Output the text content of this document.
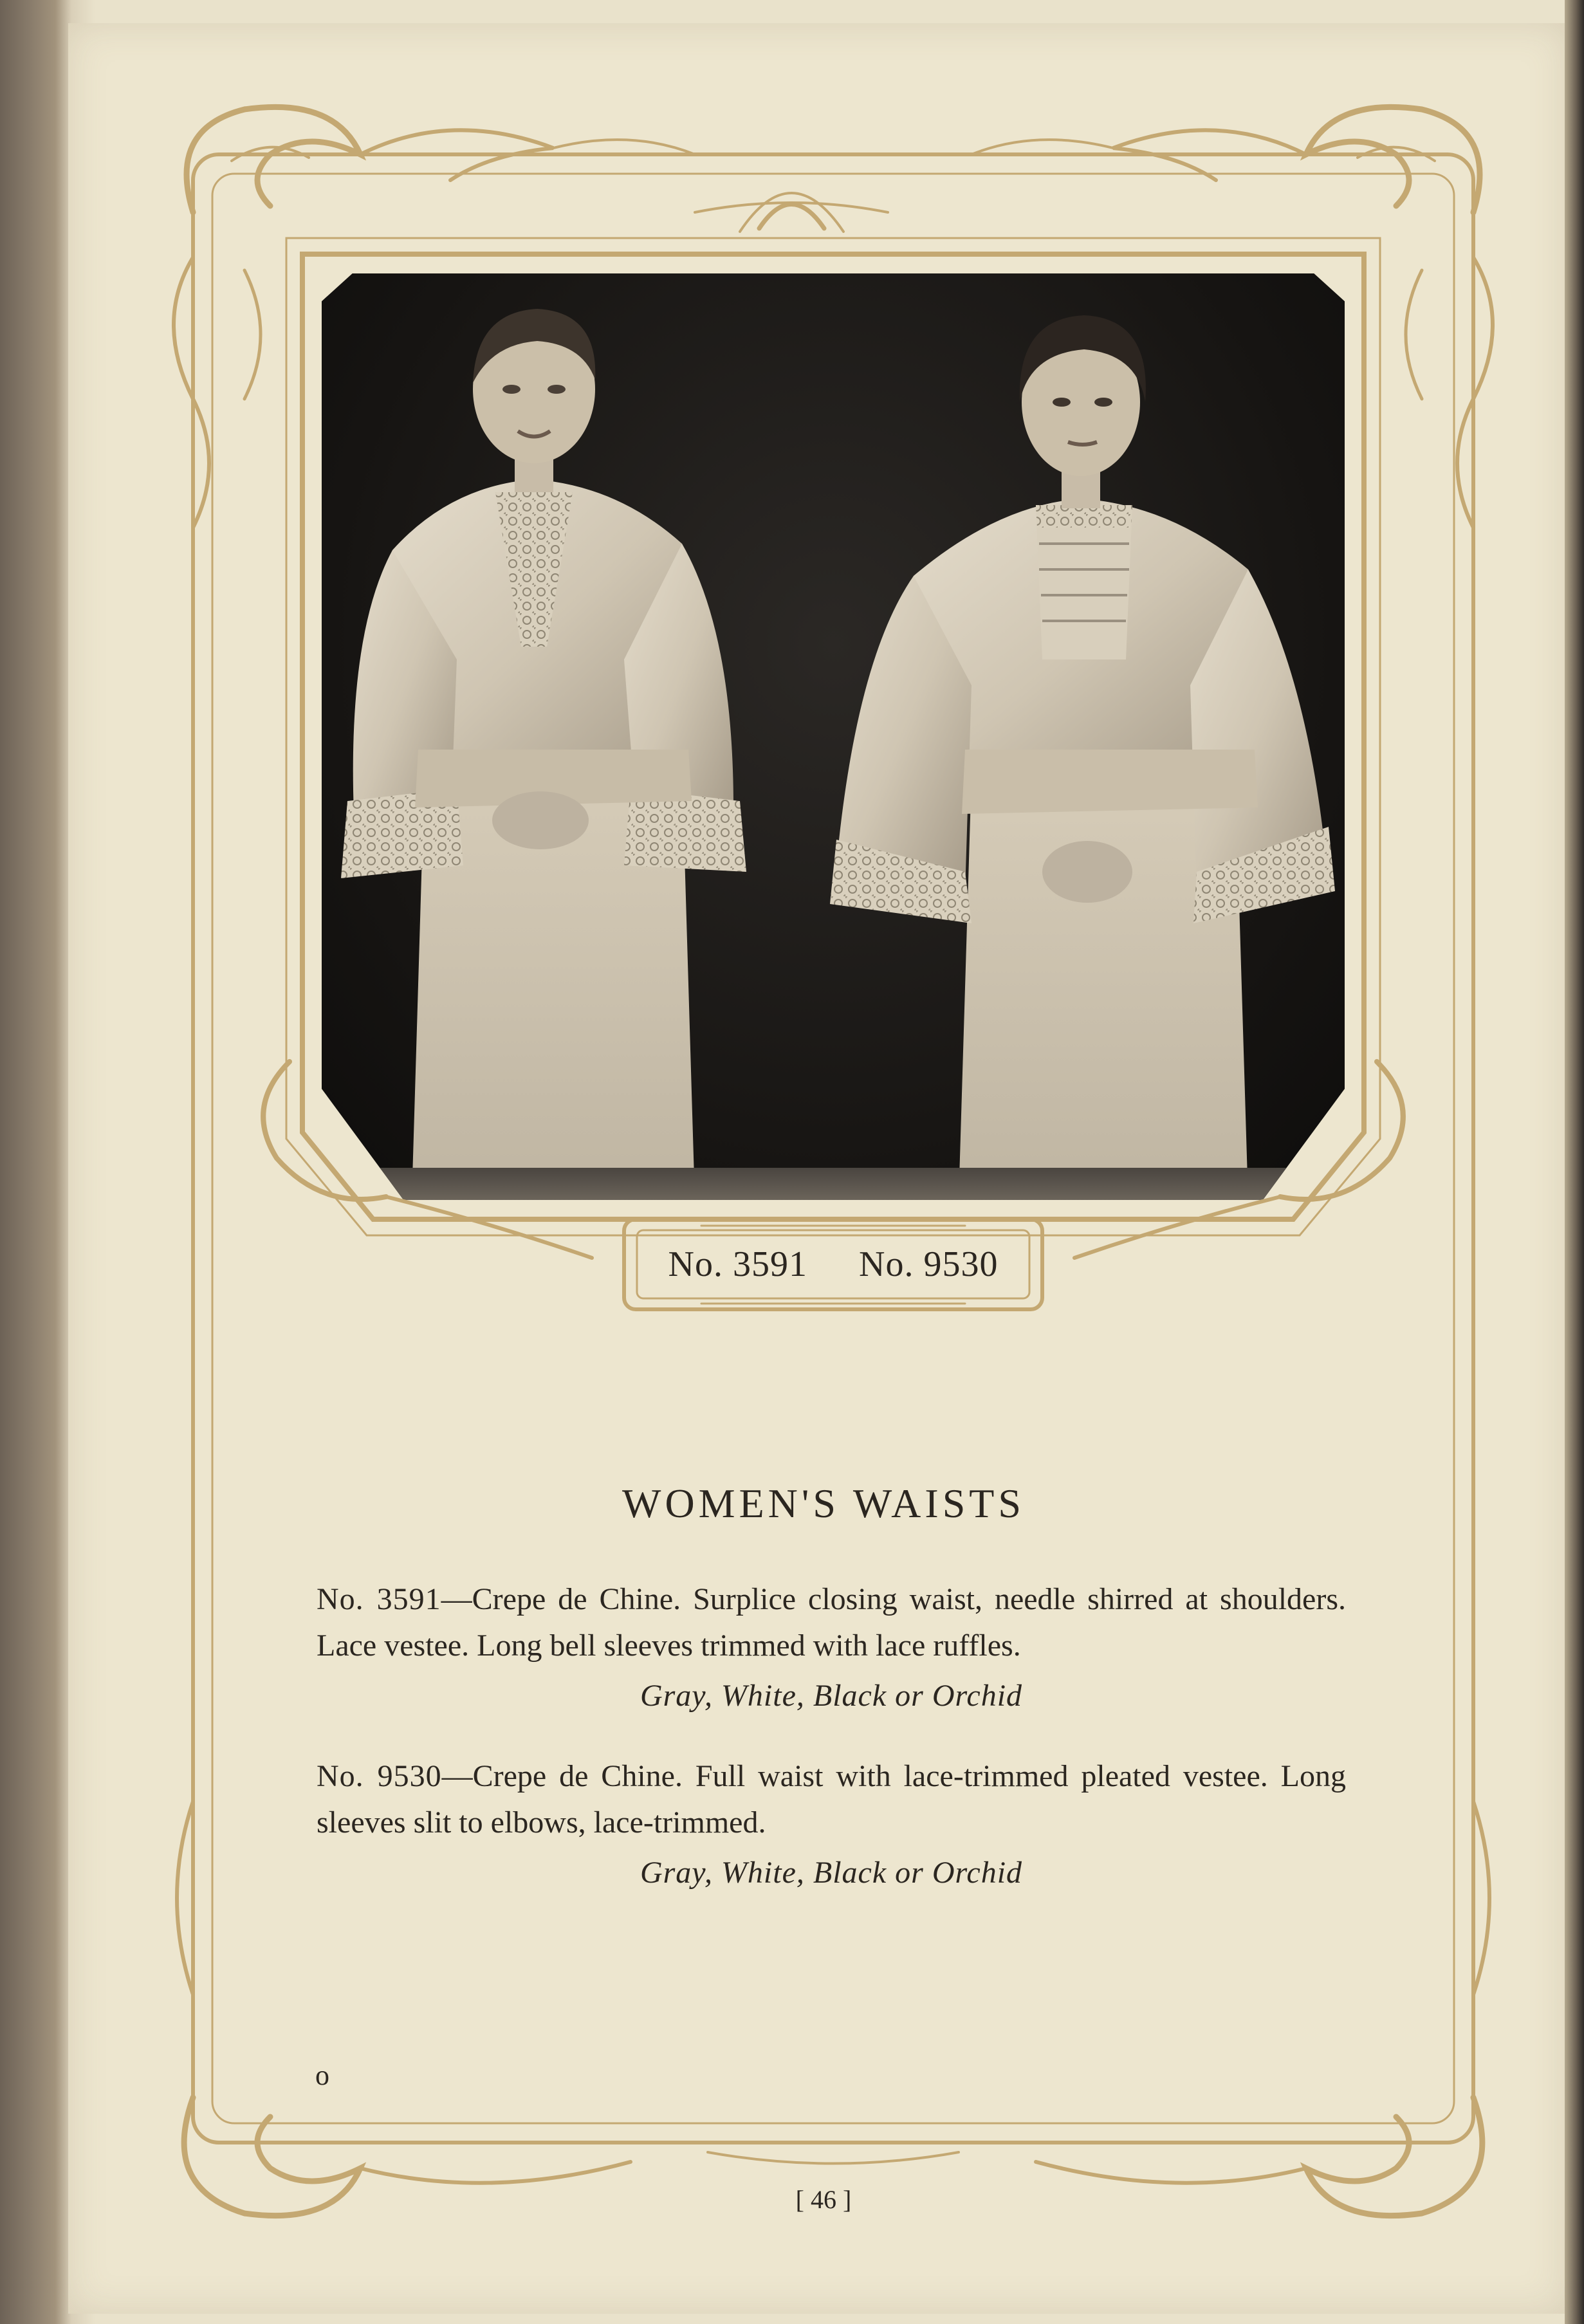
No. 3591 No. 9530
WOMEN'S WAISTS
No. 3591—Crepe de Chine. Surplice closing waist, needle shirred at shoulders. Lace vestee. Long bell sleeves trimmed with lace ruffles.
Gray, White, Black or Orchid
No. 9530—Crepe de Chine. Full waist with lace-trimmed pleated vestee. Long sleeves slit to elbows, lace-trimmed.
Gray, White, Black or Orchid
o
[ 46 ]
